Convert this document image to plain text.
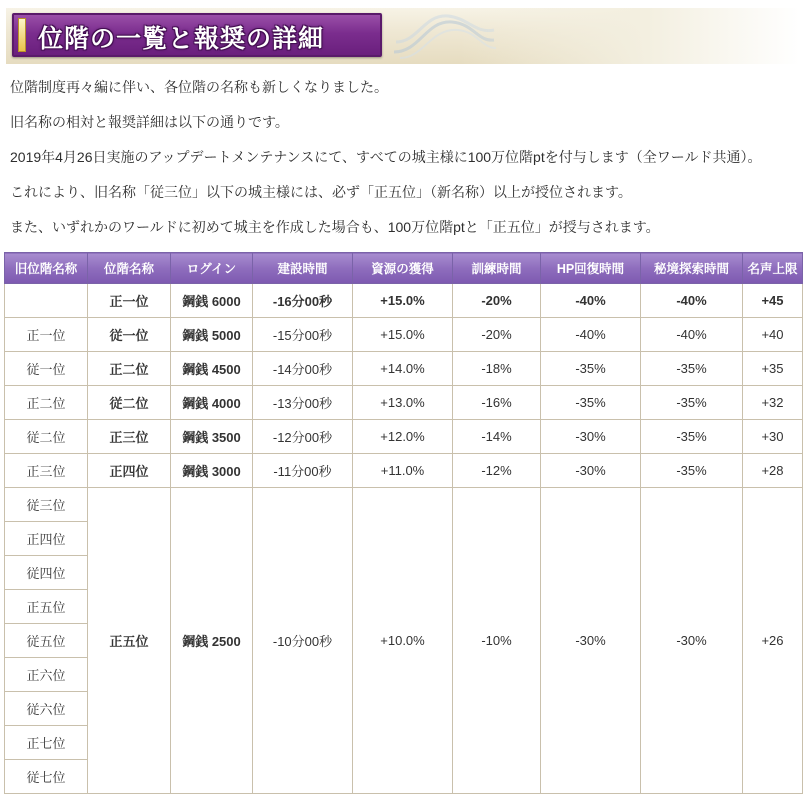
位階の一覧と報奨の詳細

位階制度再々編に伴い、各位階の名称も新しくなりました。

旧名称の相対と報奨詳細は以下の通りです。

2019年4月26日実施のアップデートメンテナンスにて、すべての城主様に100万位階ptを付与します（全ワールド共通）。

これにより、旧名称「従三位」以下の城主様には、必ず「正五位」（新名称）以上が授位されます。

また、いずれかのワールドに初めて城主を作成した場合も、100万位階ptと「正五位」が授与されます。

旧位階名称	位階名称	ログイン	建設時間	資源の獲得	訓練時間	HP回復時間	秘境探索時間	名声上限
	正一位	鋼銭 6000	-16分00秒	+15.0%	-20%	-40%	-40%	+45
正一位	従一位	鋼銭 5000	-15分00秒	+15.0%	-20%	-40%	-40%	+40
従一位	正二位	鋼銭 4500	-14分00秒	+14.0%	-18%	-35%	-35%	+35
正二位	従二位	鋼銭 4000	-13分00秒	+13.0%	-16%	-35%	-35%	+32
従二位	正三位	鋼銭 3500	-12分00秒	+12.0%	-14%	-30%	-35%	+30
正三位	正四位	鋼銭 3000	-11分00秒	+11.0%	-12%	-30%	-35%	+28
従三位	正五位	鋼銭 2500	-10分00秒	+10.0%	-10%	-30%	-30%	+26
正四位								
従四位								
正五位								
従五位								
正六位								
従六位								
正七位								
従七位								
